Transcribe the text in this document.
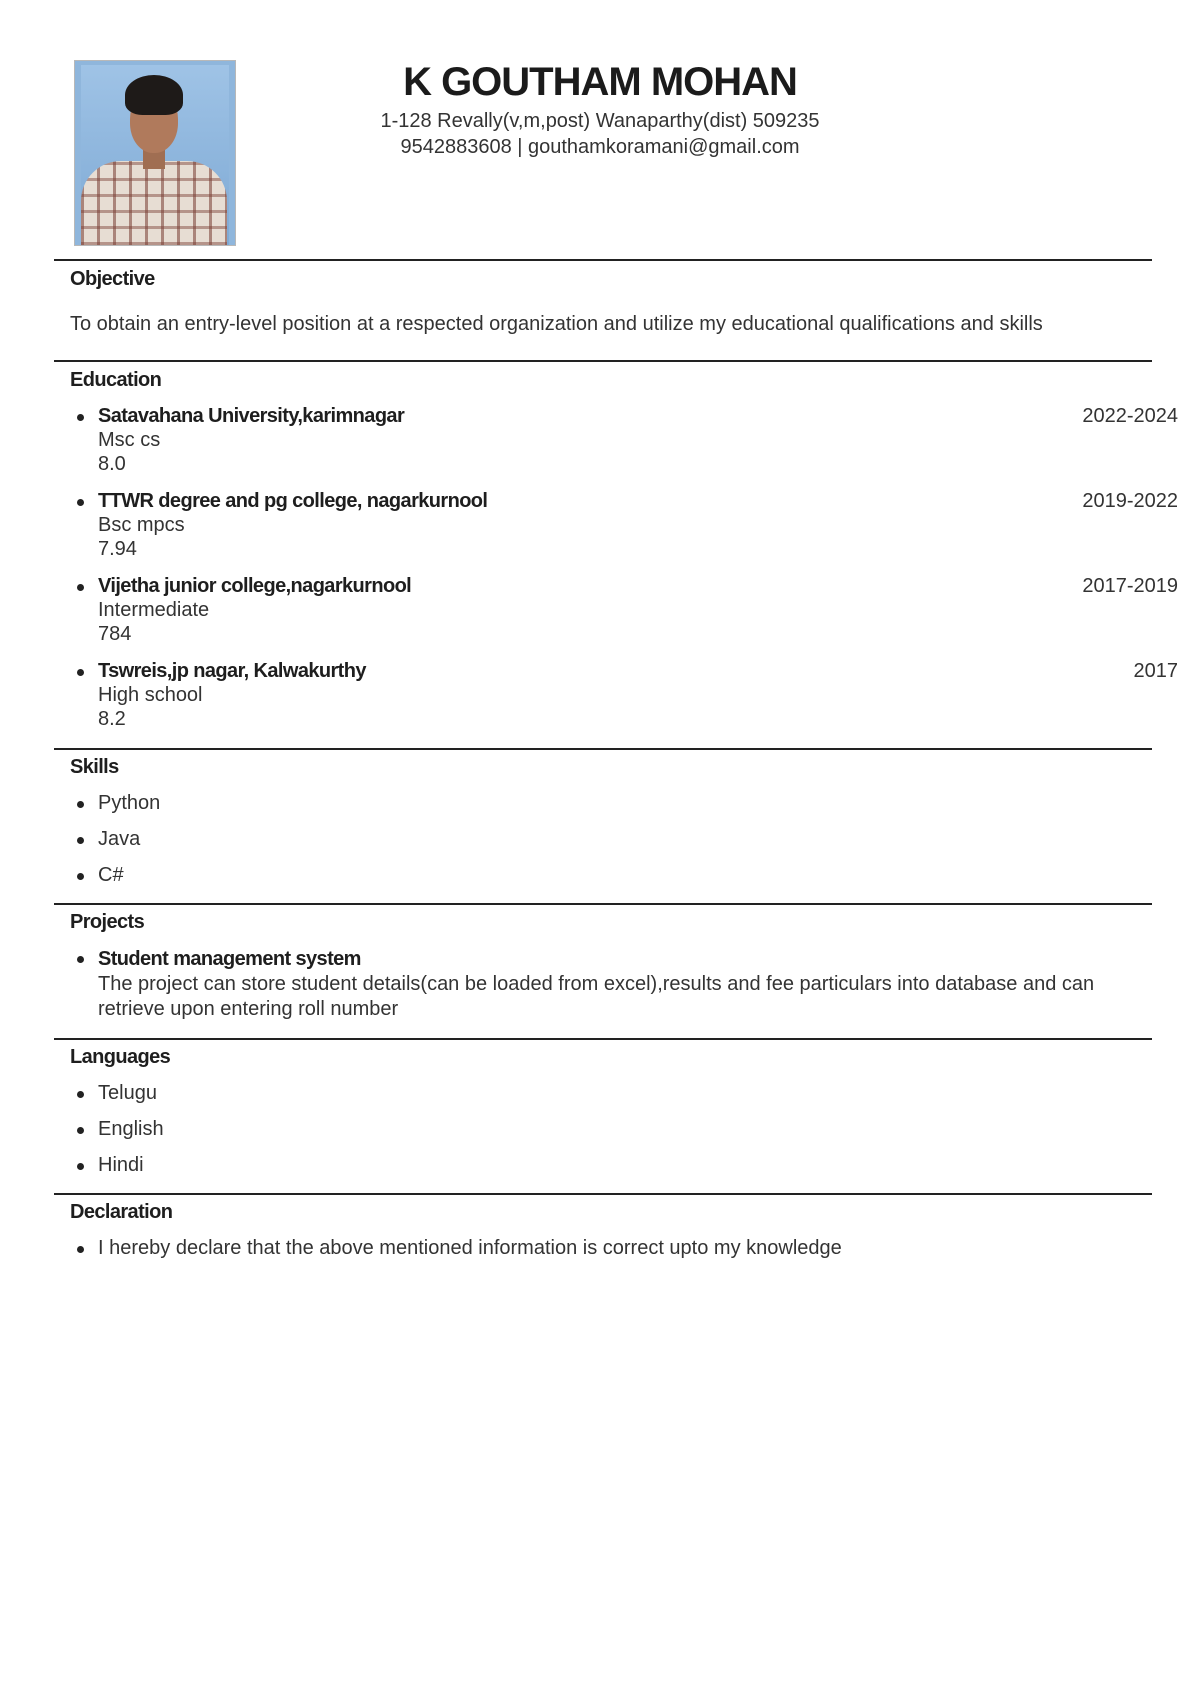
K GOUTHAM MOHAN
1-128 Revally(v,m,post) Wanaparthy(dist) 509235
9542883608 | gouthamkoramani@gmail.com
Objective
To obtain an entry-level position at a respected organization and utilize my educational qualifications and skills
Education
Satavahana University,karimnagar
Msc cs
8.0
2022-2024
TTWR degree and pg college, nagarkurnool
Bsc mpcs
7.94
2019-2022
Vijetha junior college,nagarkurnool
Intermediate
784
2017-2019
Tswreis,jp nagar, Kalwakurthy
High school
8.2
2017
Skills
Python
Java
C#
Projects
Student management system
The project can store student details(can be loaded from excel),results and fee particulars into database and can retrieve upon entering roll number
Languages
Telugu
English
Hindi
Declaration
I hereby declare that the above mentioned information is correct upto my knowledge
